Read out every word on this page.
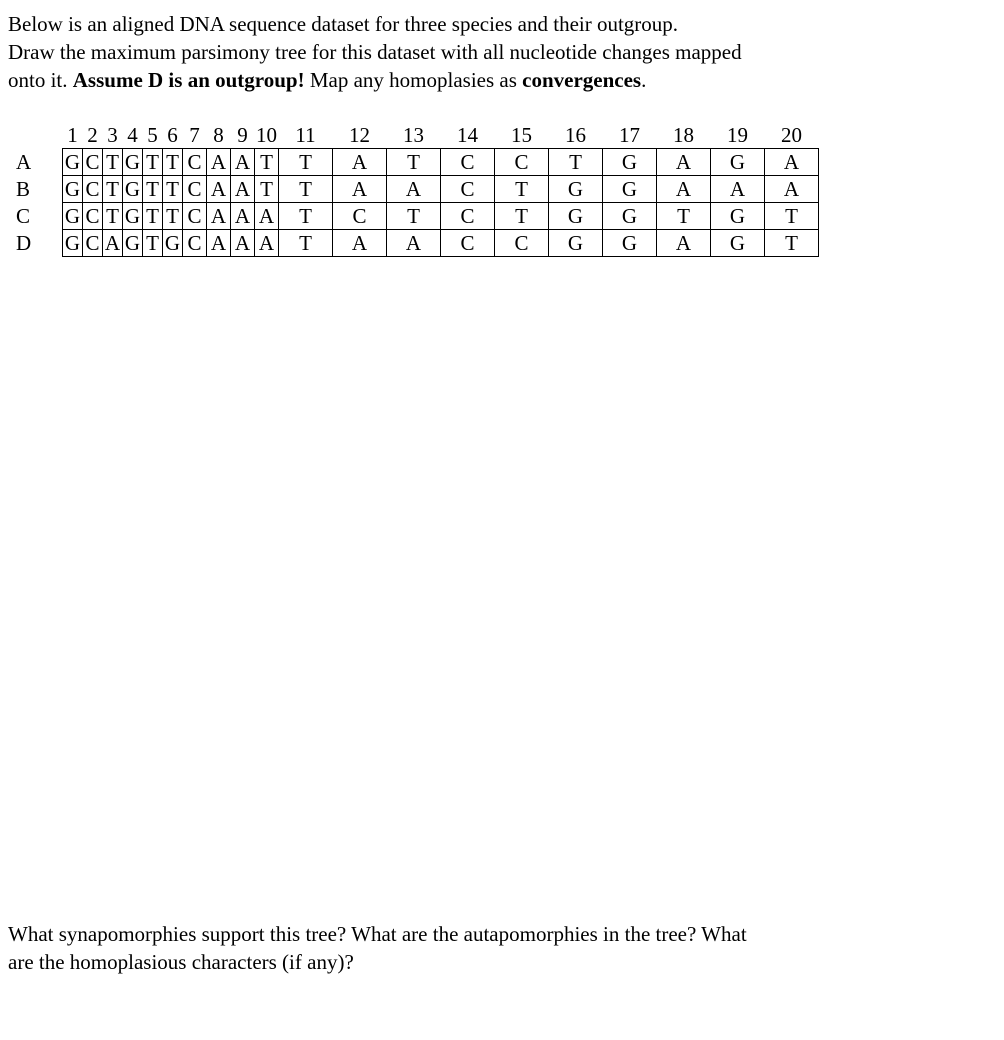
Below is an aligned DNA sequence dataset for three species and their outgroup.

Draw the maximum parsimony tree for this dataset with all nucleotide changes mapped

onto it. Assume D is an outgroup! Map any homoplasies as convergences.

	1	2	3	4	5	6	7	8	9	10	11	12	13	14	15	16	17	18	19	20
A	G	C	T	G	T	T	C	A	A	T	T	A	T	C	C	T	G	A	G	A
B	G	C	T	G	T	T	C	A	A	T	T	A	A	C	T	G	G	A	A	A
C	G	C	T	G	T	T	C	A	A	A	T	C	T	C	T	G	G	T	G	T
D	G	C	A	G	T	G	C	A	A	A	T	A	A	C	C	G	G	A	G	T

What synapomorphies support this tree? What are the autapomorphies in the tree? What

are the homoplasious characters (if any)?
